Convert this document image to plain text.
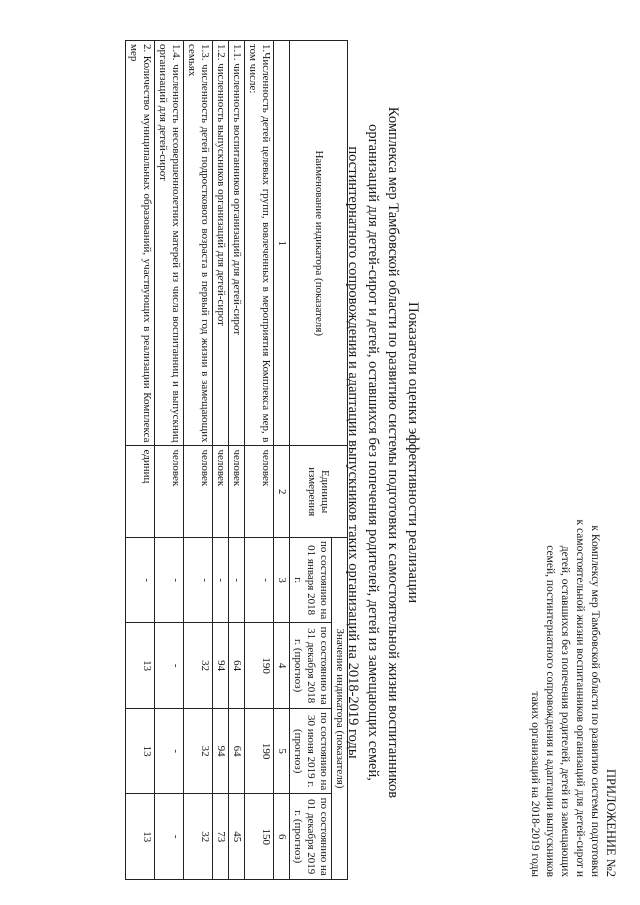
ПРИЛОЖЕНИЕ №2
к Комплексу мер Тамбовской области по развитию системы подготовки
к самостоятельной жизни воспитанников организаций для детей-сирот и
детей, оставшихся без попечения родителей, детей из замещающих
семей, постинтернатного сопровождения и адаптации выпускников
таких организаций на 2018-2019 годы
Показатели оценки эффективности реализации
Комплекса мер Тамбовской области по развитию системы подготовки к самостоятельной жизни воспитанников
организаций для детей-сирот и детей, оставшихся без попечения родителей, детей из замещающих семей,
постинтернатного сопровождения и адаптации выпускников таких организаций на 2018-2019 годы
Наименование индикатора (показателя)	Единицы измерения	Значение индикатора (показателя)			
		по состоянию на 01 января 2018 г.	по состоянию на 31 декабря 2018 г. (прогноз)	по состоянию на 30 июня 2019 г. (прогноз)	по состоянию на 01 декабря 2019 г. (прогноз)
1	2	3	4	5	6
1.Численность детей целевых групп, вовлеченных в мероприятия Комплекса мер, в том числе:	человек	-	190	190	150
1.1. численность воспитанников организаций для детей-сирот	человек	-	64	64	45
1.2. численность выпускников организаций для детей-сирот	человек	-	94	94	73
1.3. численность детей подросткового возраста в первый год жизни в замещающих семьях	человек	-	32	32	32
1.4. численность несовершеннолетних матерей из числа воспитанниц и выпускниц организаций для детей-сирот	человек	-	-	-	-
2. Количество муниципальных образований, участвующих в реализации Комплекса мер	единиц	-	13	13	13
